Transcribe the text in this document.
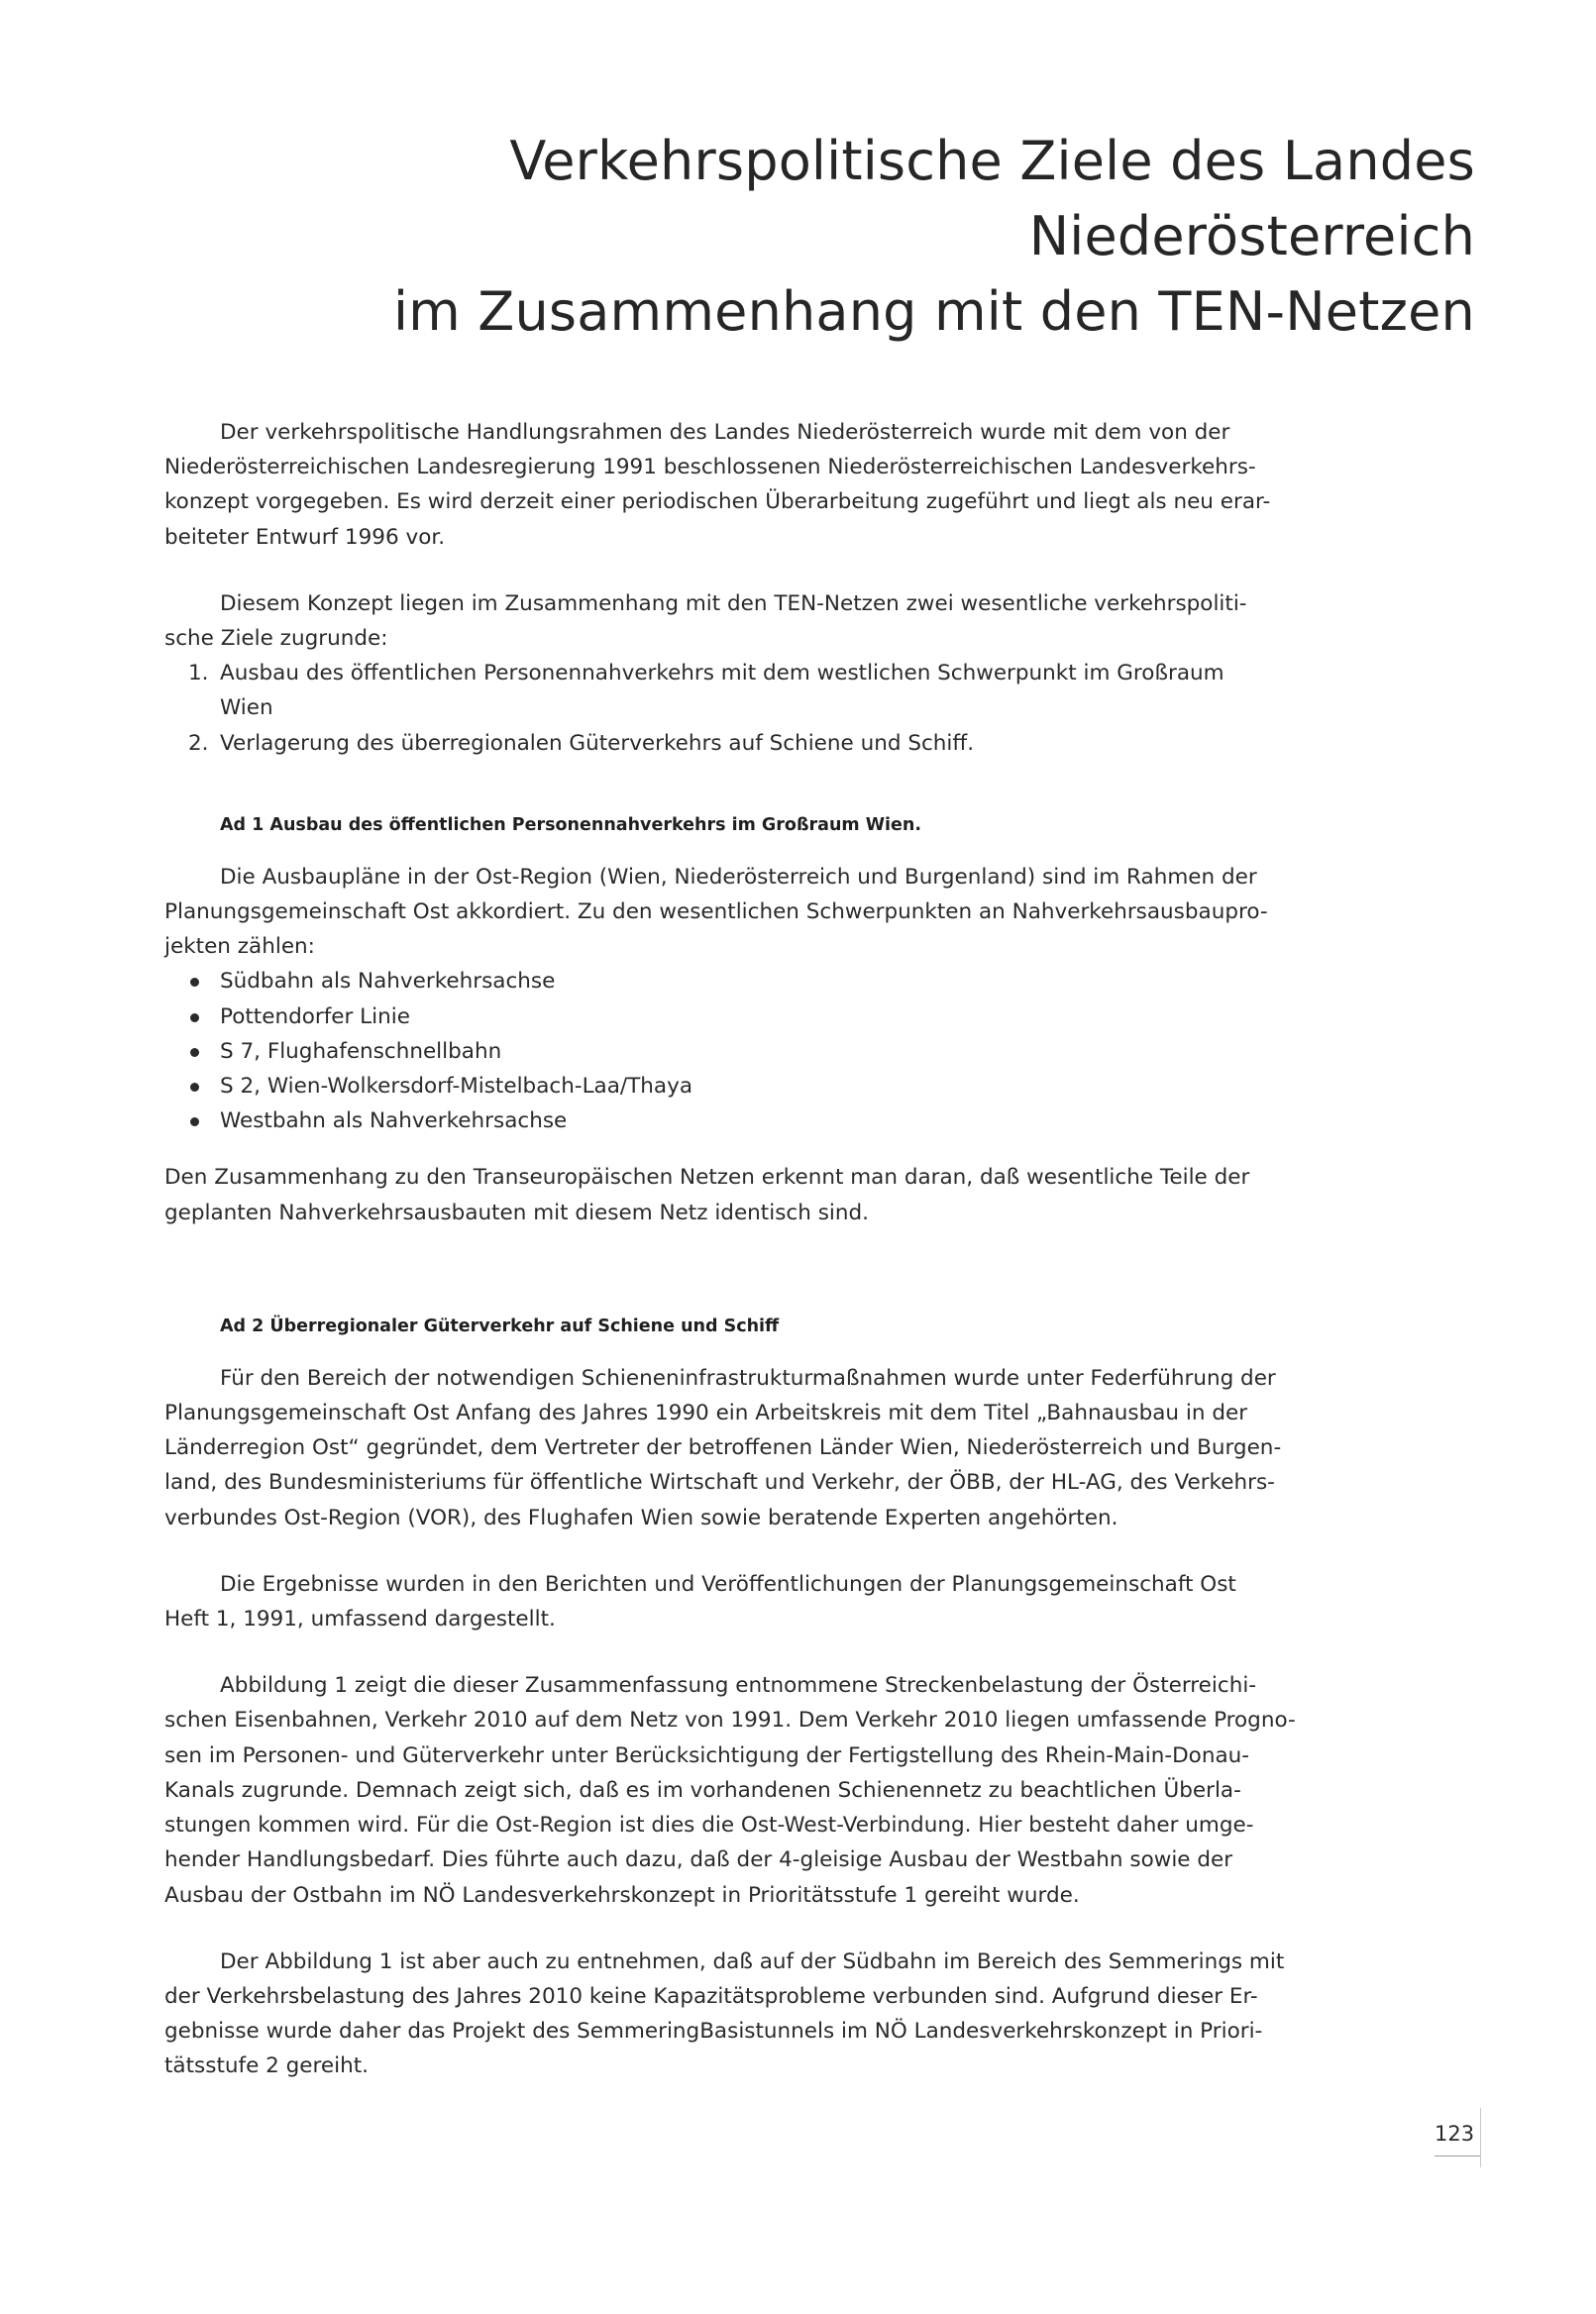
Verkehrspolitische Ziele des Landes Niederösterreich
im Zusammenhang mit den TEN-Netzen

Der verkehrspolitische Handlungsrahmen des Landes Niederösterreich wurde mit dem von der
Niederösterreichischen Landesregierung 1991 beschlossenen Niederösterreichischen Landesverkehrs-
konzept vorgegeben. Es wird derzeit einer periodischen Überarbeitung zugeführt und liegt als neu erar-
beiteter Entwurf 1996 vor.

Diesem Konzept liegen im Zusammenhang mit den TEN-Netzen zwei wesentliche verkehrspoliti-
sche Ziele zugrunde:

1. Ausbau des öffentlichen Personennahverkehrs mit dem westlichen Schwerpunkt im Großraum Wien
2. Verlagerung des überregionalen Güterverkehrs auf Schiene und Schiff.
Ad 1 Ausbau des öffentlichen Personennahverkehrs im Großraum Wien.

Die Ausbaupläne in der Ost-Region (Wien, Niederösterreich und Burgenland) sind im Rahmen der
Planungsgemeinschaft Ost akkordiert. Zu den wesentlichen Schwerpunkten an Nahverkehrsausbaupro-
jekten zählen:

Südbahn als Nahverkehrsachse
Pottendorfer Linie
S 7, Flughafenschnellbahn
S 2, Wien-Wolkersdorf-Mistelbach-Laa/Thaya
Westbahn als Nahverkehrsachse

Den Zusammenhang zu den Transeuropäischen Netzen erkennt man daran, daß wesentliche Teile der
geplanten Nahverkehrsausbauten mit diesem Netz identisch sind.

Ad 2 Überregionaler Güterverkehr auf Schiene und Schiff

Für den Bereich der notwendigen Schieneninfrastrukturmaßnahmen wurde unter Federführung der
Planungsgemeinschaft Ost Anfang des Jahres 1990 ein Arbeitskreis mit dem Titel „Bahnausbau in der
Länderregion Ost“ gegründet, dem Vertreter der betroffenen Länder Wien, Niederösterreich und Burgen-
land, des Bundesministeriums für öffentliche Wirtschaft und Verkehr, der ÖBB, der HL-AG, des Verkehrs-
verbundes Ost-Region (VOR), des Flughafen Wien sowie beratende Experten angehörten.

Die Ergebnisse wurden in den Berichten und Veröffentlichungen der Planungsgemeinschaft Ost
Heft 1, 1991, umfassend dargestellt.

Abbildung 1 zeigt die dieser Zusammenfassung entnommene Streckenbelastung der Österreichi-
schen Eisenbahnen, Verkehr 2010 auf dem Netz von 1991. Dem Verkehr 2010 liegen umfassende Progno-
sen im Personen- und Güterverkehr unter Berücksichtigung der Fertigstellung des Rhein-Main-Donau-
Kanals zugrunde. Demnach zeigt sich, daß es im vorhandenen Schienennetz zu beachtlichen Überla-
stungen kommen wird. Für die Ost-Region ist dies die Ost-West-Verbindung. Hier besteht daher umge-
hender Handlungsbedarf. Dies führte auch dazu, daß der 4-gleisige Ausbau der Westbahn sowie der
Ausbau der Ostbahn im NÖ Landesverkehrskonzept in Prioritätsstufe 1 gereiht wurde.

Der Abbildung 1 ist aber auch zu entnehmen, daß auf der Südbahn im Bereich des Semmerings mit
der Verkehrsbelastung des Jahres 2010 keine Kapazitätsprobleme verbunden sind. Aufgrund dieser Er-
gebnisse wurde daher das Projekt des SemmeringBasistunnels im NÖ Landesverkehrskonzept in Priori-
tätsstufe 2 gereiht.

123
